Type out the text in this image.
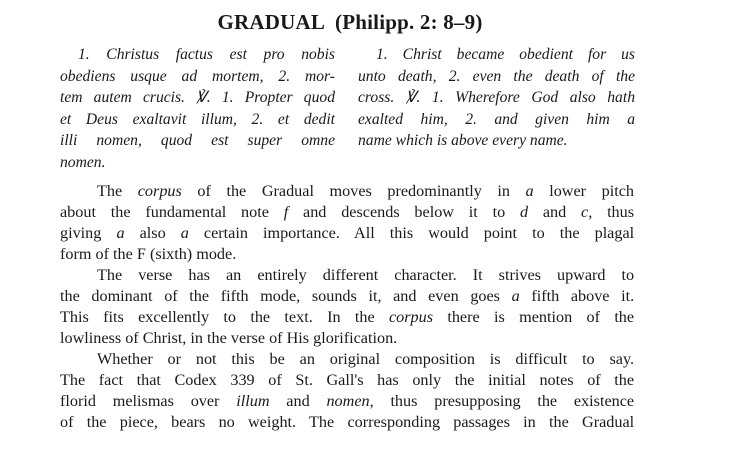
GRADUAL (Philipp. 2: 8–9)
1. Christus factus est pro nobis
obediens usque ad mortem, 2. mor-
tem autem crucis. ℣. 1. Propter quod
et Deus exaltavit illum, 2. et dedit
illi nomen, quod est super omne
nomen.
1. Christ became obedient for us
unto death, 2. even the death of the
cross. ℣. 1. Wherefore God also hath
exalted him, 2. and given him a
name which is above every name.
The corpus of the Gradual moves predominantly in a lower pitch
about the fundamental note f and descends below it to d and c, thus
giving a also a certain importance. All this would point to the plagal
form of the F (sixth) mode.
The verse has an entirely different character. It strives upward to
the dominant of the fifth mode, sounds it, and even goes a fifth above it.
This fits excellently to the text. In the corpus there is mention of the
lowliness of Christ, in the verse of His glorification.
Whether or not this be an original composition is difficult to say.
The fact that Codex 339 of St. Gall's has only the initial notes of the
florid melismas over illum and nomen, thus presupposing the existence
of the piece, bears no weight. The corresponding passages in the Gradual
